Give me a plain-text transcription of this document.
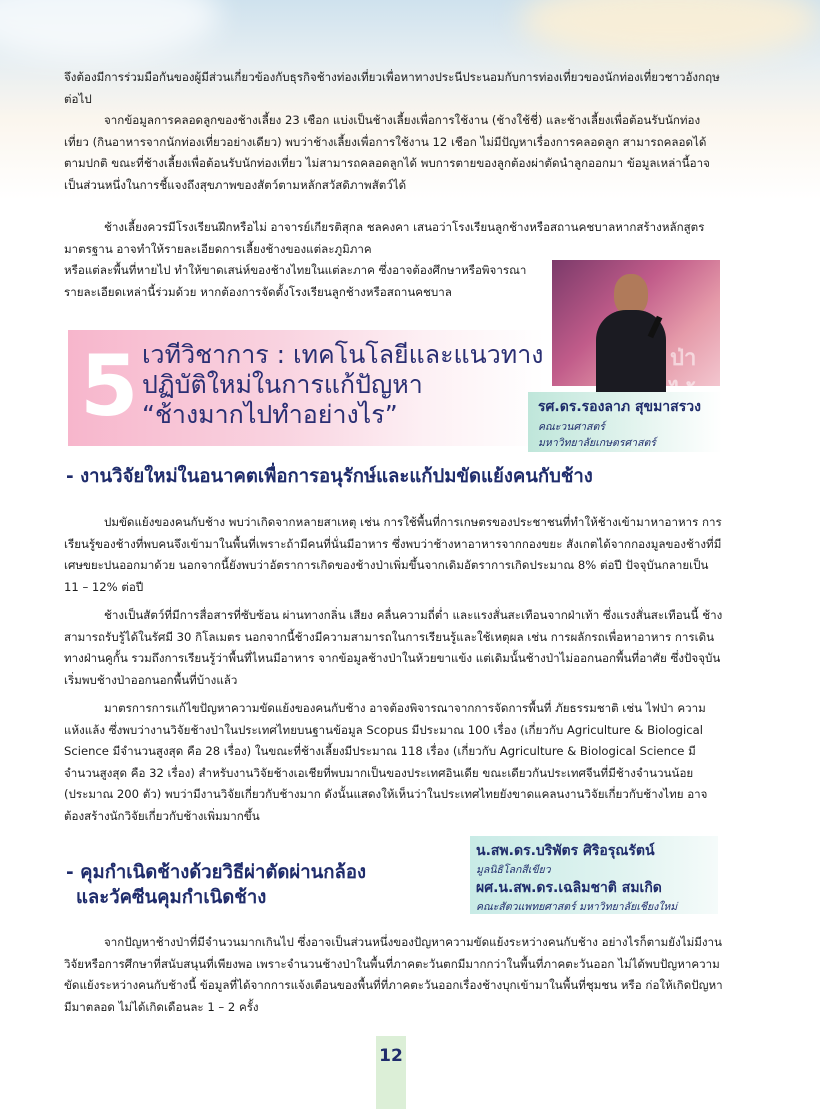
จึงต้องมีการร่วมมือกันของผู้มีส่วนเกี่ยวข้องกับธุรกิจช้างท่องเที่ยวเพื่อหาทางประนีประนอมกับการท่องเที่ยวของนักท่องเที่ยวชาวอังกฤษต่อไป

จากข้อมูลการคลอดลูกของช้างเลี้ยง 23 เชือก แบ่งเป็นช้างเลี้ยงเพื่อการใช้งาน (ช้างใช้ชี่) และช้างเลี้ยงเพื่อต้อนรับนักท่องเที่ยว (กินอาหารจากนักท่องเที่ยวอย่างเดียว) พบว่าช้างเลี้ยงเพื่อการใช้งาน 12 เชือก ไม่มีปัญหาเรื่องการคลอดลูก สามารถคลอดได้ตามปกติ ขณะที่ช้างเลี้ยงเพื่อต้อนรับนักท่องเที่ยว ไม่สามารถคลอดลูกได้ พบการตายของลูกต้องผ่าตัดนำลูกออกมา ข้อมูลเหล่านี้อาจเป็นส่วนหนึ่งในการชี้แจงถึงสุขภาพของสัตว์ตามหลักสวัสดิภาพสัตว์ได้

ช้างเลี้ยงควรมีโรงเรียนฝึกหรือไม่ อาจารย์เกียรติสุกล ชลคงคา เสนอว่าโรงเรียนลูกช้างหรือสถานคชบาลหากสร้างหลักสูตรมาตรฐาน อาจทำให้รายละเอียดการเลี้ยงช้างของแต่ละภูมิภาค

หรือแต่ละพื้นที่หายไป ทำให้ขาดเสน่ห์ของช้างไทยในแต่ละภาค ซึ่งอาจต้องศึกษาหรือพิจารณารายละเอียดเหล่านี้ร่วมด้วย หากต้องการจัดตั้งโรงเรียนลูกช้างหรือสถานคชบาล

ป่า
5 เวทีวิชาการ : เทคโนโลยีและแนวทาง
ปฏิบัติใหม่ในการแก้ปัญหา
“ช้างมากไปทำอย่างไร”	รศ.ดร.รองลาภ สุขมาสรวง
คณะวนศาสตร์
มหาวิทยาลัยเกษตรศาสตร์
- งานวิจัยใหม่ในอนาคตเพื่อการอนุรักษ์และแก้ปมขัดแย้งคนกับช้าง

ปมขัดแย้งของคนกับช้าง พบว่าเกิดจากหลายสาเหตุ เช่น การใช้พื้นที่การเกษตรของประชาชนที่ทำให้ช้างเข้ามาหาอาหาร การเรียนรู้ของช้างที่พบคนจึงเข้ามาในพื้นที่เพราะถ้ามีคนที่นั่นมีอาหาร ซึ่งพบว่าช้างหาอาหารจากกองขยะ สังเกตได้จากกองมูลของช้างที่มีเศษขยะปนออกมาด้วย นอกจากนี้ยังพบว่าอัตราการเกิดของช้างป่าเพิ่มขึ้นจากเดิมอัตราการเกิดประมาณ 8% ต่อปี ปัจจุบันกลายเป็น 11 – 12% ต่อปี

ช้างเป็นสัตว์ที่มีการสื่อสารที่ซับซ้อน ผ่านทางกลิ่น เสียง คลื่นความถี่ต่ำ และแรงสั่นสะเทือนจากฝ่าเท้า ซึ่งแรงสั่นสะเทือนนี้ ช้างสามารถรับรู้ได้ในรัศมี 30 กิโลเมตร นอกจากนี้ช้างมีความสามารถในการเรียนรู้และใช้เหตุผล เช่น การผลักรถเพื่อหาอาหาร การเดินทางฝ่านคูกั้น รวมถึงการเรียนรู้ว่าพื้นที่ไหนมีอาหาร จากข้อมูลช้างป่าในห้วยขาแข้ง แต่เดิมนั้นช้างป่าไม่ออกนอกพื้นที่อาศัย ซึ่งปัจจุบันเริ่มพบช้างป่าออกนอกพื้นที่บ้างแล้ว

มาตรการการแก้ไขปัญหาความขัดแย้งของคนกับช้าง อาจต้องพิจารณาจากการจัดการพื้นที่ ภัยธรรมชาติ เช่น ไฟป่า ความแห้งแล้ง ซึ่งพบว่างานวิจัยช้างป่าในประเทศไทยบนฐานข้อมูล Scopus มีประมาณ 100 เรื่อง (เกี่ยวกับ Agriculture & Biological Science มีจำนวนสูงสุด คือ 28 เรื่อง) ในขณะที่ช้างเลี้ยงมีประมาณ 118 เรื่อง (เกี่ยวกับ Agriculture & Biological Science มีจำนวนสูงสุด คือ 32 เรื่อง) สำหรับงานวิจัยช้างเอเชียที่พบมากเป็นของประเทศอินเดีย ขณะเดียวกันประเทศจีนที่มีช้างจำนวนน้อย (ประมาณ 200 ตัว) พบว่ามีงานวิจัยเกี่ยวกับช้างมาก ดังนั้นแสดงให้เห็นว่าในประเทศไทยยังขาดแคลนงานวิจัยเกี่ยวกับช้างไทย อาจต้องสร้างนักวิจัยเกี่ยวกับช้างเพิ่มมากขึ้น

น.สพ.ดร.บริพัตร ศิริอรุณรัตน์
มูลนิธิโลกสีเขียว
ผศ.น.สพ.ดร.เฉลิมชาติ สมเกิด
คณะสัตวแพทยศาสตร์ มหาวิทยาลัยเชียงใหม่

- คุมกำเนิดช้างด้วยวิธีผ่าตัดผ่านกล้อง
และวัคซีนคุมกำเนิดช้าง

จากปัญหาช้างป่าที่มีจำนวนมากเกินไป ซึ่งอาจเป็นส่วนหนึ่งของปัญหาความขัดแย้งระหว่างคนกับช้าง อย่างไรก็ตามยังไม่มีงานวิจัยหรือการศึกษาที่สนับสนุนที่เพียงพอ เพราะจำนวนช้างป่าในพื้นที่ภาคตะวันตกมีมากกว่าในพื้นที่ภาคตะวันออก ไม่ได้พบปัญหาความขัดแย้งระหว่างคนกับช้างนี้ ข้อมูลที่ได้จากการแจ้งเตือนของพื้นที่ที่ภาคตะวันออกเรื่องช้างบุกเข้ามาในพื้นที่ชุมชน หรือ ก่อให้เกิดปัญหา มีมาตลอด ไม่ได้เกิดเดือนละ 1 – 2 ครั้ง

12
